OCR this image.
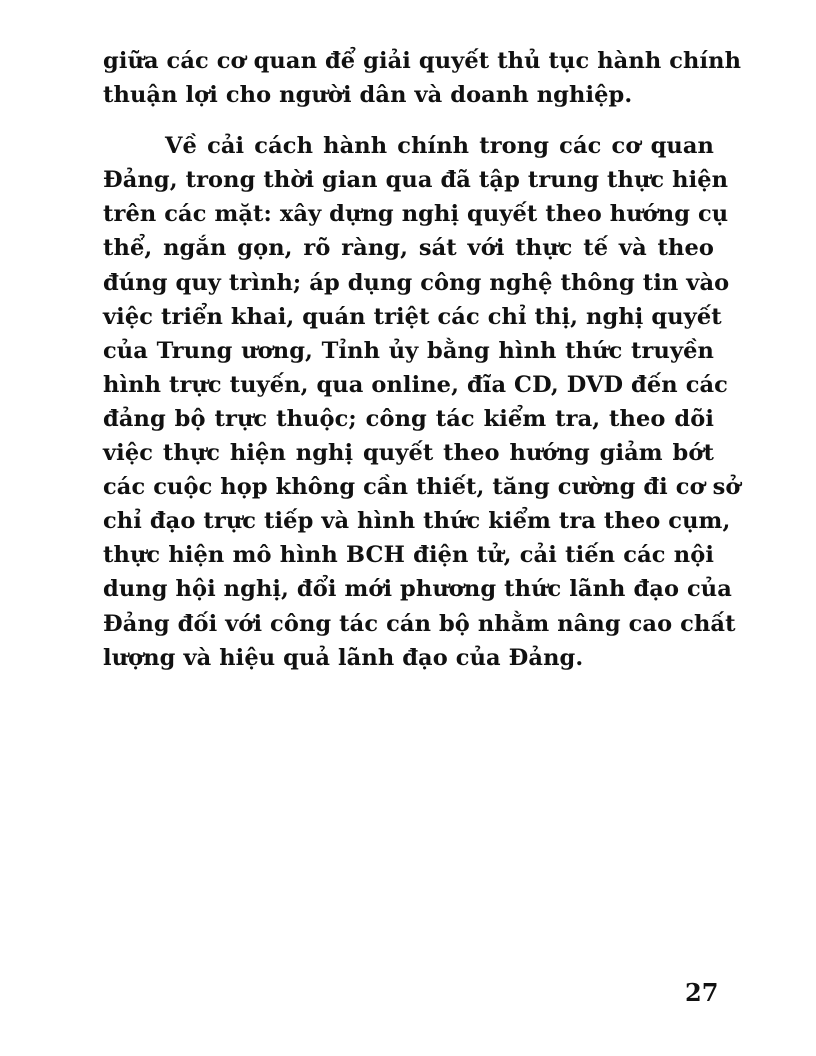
giữa các cơ quan để giải quyết thủ tục hành chính
thuận lợi cho người dân và doanh nghiệp.
Về cải cách hành chính trong các cơ quan
Đảng, trong thời gian qua đã tập trung thực hiện
trên các mặt: xây dựng nghị quyết theo hướng cụ
thể, ngắn gọn, rõ ràng, sát với thực tế và theo
đúng quy trình; áp dụng công nghệ thông tin vào
việc triển khai, quán triệt các chỉ thị, nghị quyết
của Trung ương, Tỉnh ủy bằng hình thức truyền
hình trực tuyến, qua online, đĩa CD, DVD đến các
đảng bộ trực thuộc; công tác kiểm tra, theo dõi
việc thực hiện nghị quyết theo hướng giảm bớt
các cuộc họp không cần thiết, tăng cường đi cơ sở
chỉ đạo trực tiếp và hình thức kiểm tra theo cụm,
thực hiện mô hình BCH điện tử, cải tiến các nội
dung hội nghị, đổi mới phương thức lãnh đạo của
Đảng đối với công tác cán bộ nhằm nâng cao chất
lượng và hiệu quả lãnh đạo của Đảng.
27
